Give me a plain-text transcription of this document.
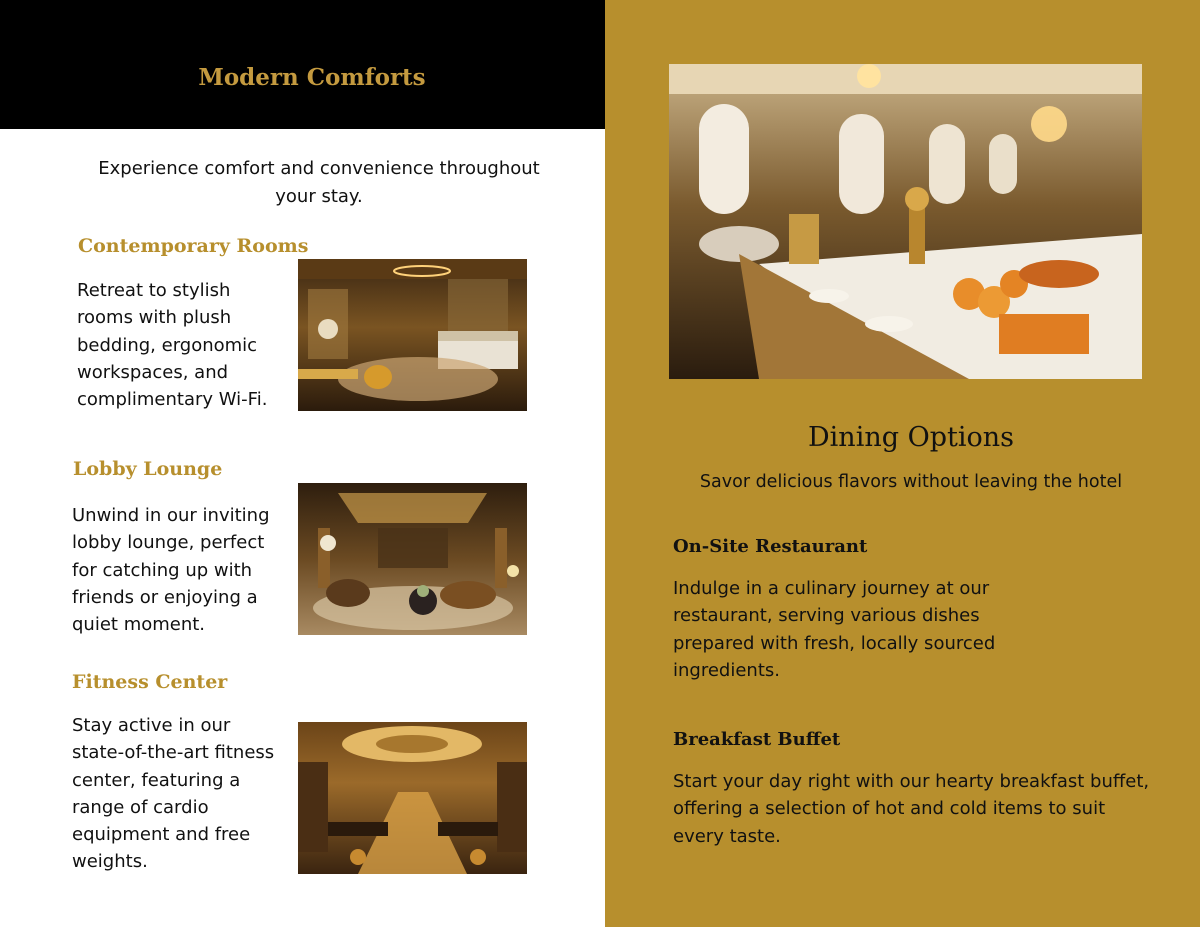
Modern Comforts
Experience comfort and convenience throughout your stay.
Contemporary Rooms
Retreat to stylish rooms with plush bedding, ergonomic workspaces, and complimentary Wi-Fi.
Lobby Lounge
Unwind in our inviting lobby lounge, perfect for catching up with friends or enjoying a quiet moment.
Fitness Center
Stay active in our state-of-the-art fitness center, featuring a range of cardio equipment and free weights.
Dining Options
Savor delicious flavors without leaving the hotel
On-Site Restaurant
Indulge in a culinary journey at our restaurant, serving various dishes prepared with fresh, locally sourced ingredients.
Breakfast Buffet
Start your day right with our hearty breakfast buffet, offering a selection of hot and cold items to suit every taste.
